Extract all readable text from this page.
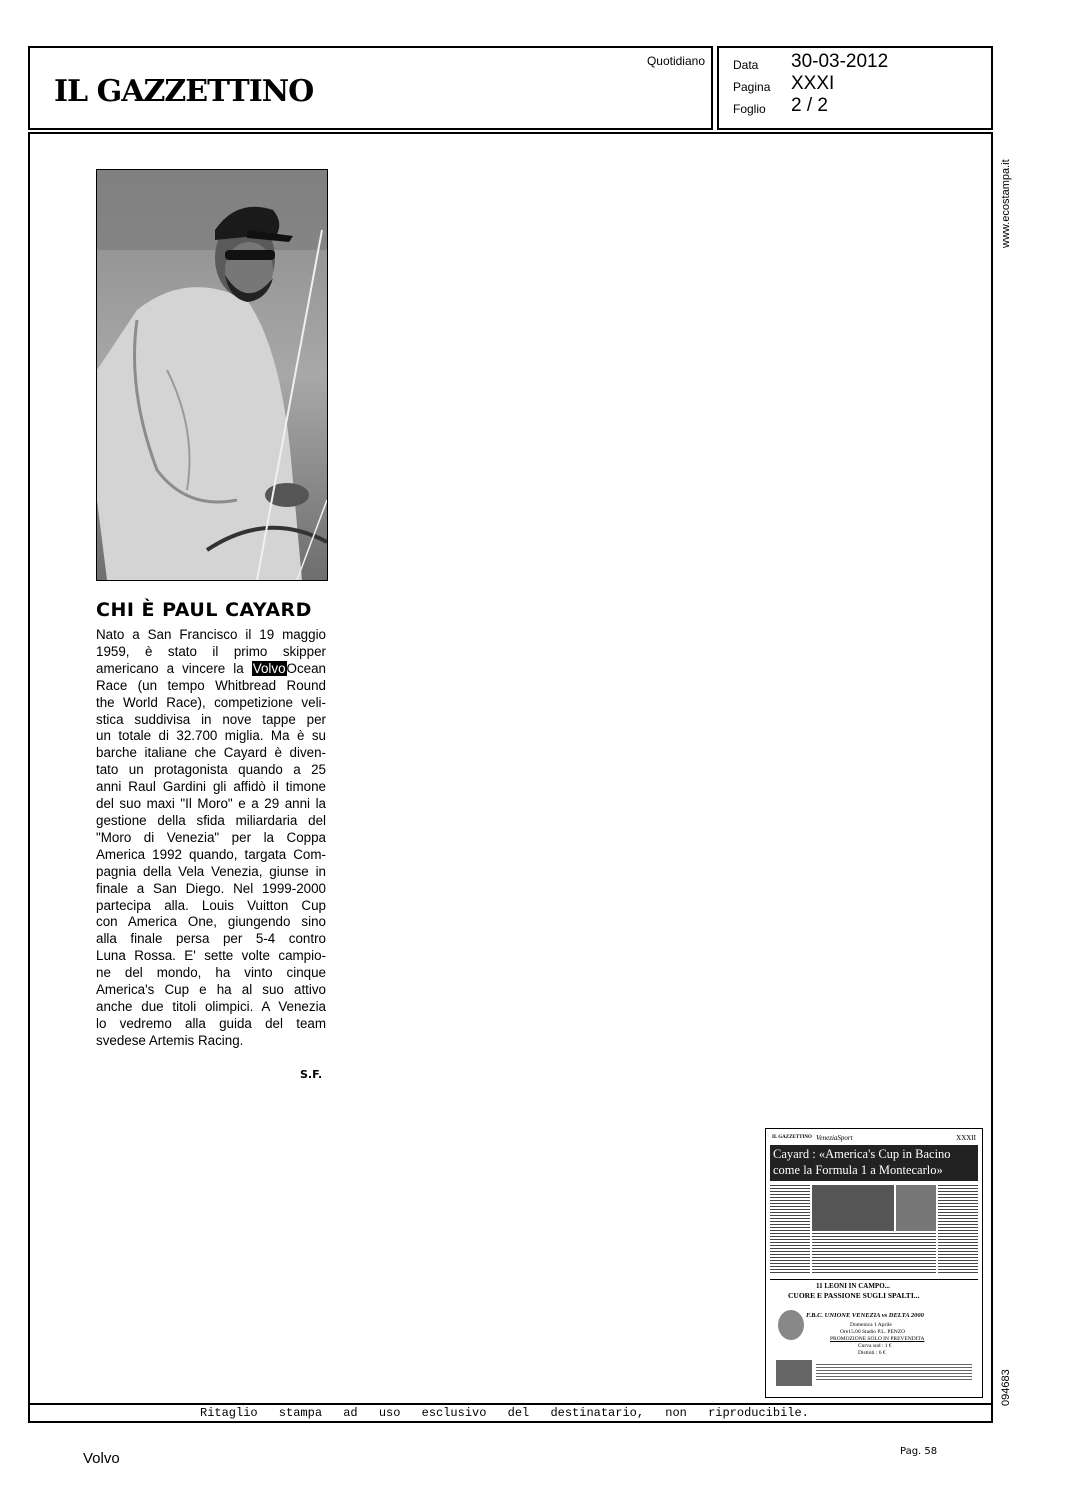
IL GAZZETTINO
Quotidiano Data 30-03-2012
Pagina XXXI
Foglio 2 / 2
Ritaglio stampa ad uso esclusivo del destinatario, non riproducibile.
www.ecostampa.it
094683
CHI È PAUL CAYARD
Nato a San Francisco il 19 maggio
1959, è stato il primo skipper
americano a vincere la VolvoOcean
Race (un tempo Whitbread Round
the World Race), competizione veli-
stica suddivisa in nove tappe per
un totale di 32.700 miglia. Ma è su
barche italiane che Cayard è diven-
tato un protagonista quando a 25
anni Raul Gardini gli affidò il timone
del suo maxi "Il Moro" e a 29 anni la
gestione della sfida miliardaria del
"Moro di Venezia" per la Coppa
America 1992 quando, targata Com-
pagnia della Vela Venezia, giunse in
finale a San Diego. Nel 1999-2000
partecipa alla. Louis Vuitton Cup
con America One, giungendo sino
alla finale persa per 5-4 contro
Luna Rossa. E' sette volte campio-
ne del mondo, ha vinto cinque
America's Cup e ha al suo attivo
anche due titoli olimpici. A Venezia
lo vedremo alla guida del team
svedese Artemis Racing.
S.F.
IL GAZZETTINO VeneziaSport	XXXII
Cayard : «America's Cup in Bacino
come la Formula 1 a Montecarlo»
11 LEONI IN CAMPO...
CUORE E PASSIONE SUGLI SPALTI...
F.B.C. UNIONE VENEZIA vs DELTA 2000
Domenica 1 Aprile
Ore15.00 Stadio P.L. PENZO
PROMOZIONE SOLO IN PREVENDITA
Curva sud : 1 €
Distinti : 6 €
Volvo	Pag. 58
